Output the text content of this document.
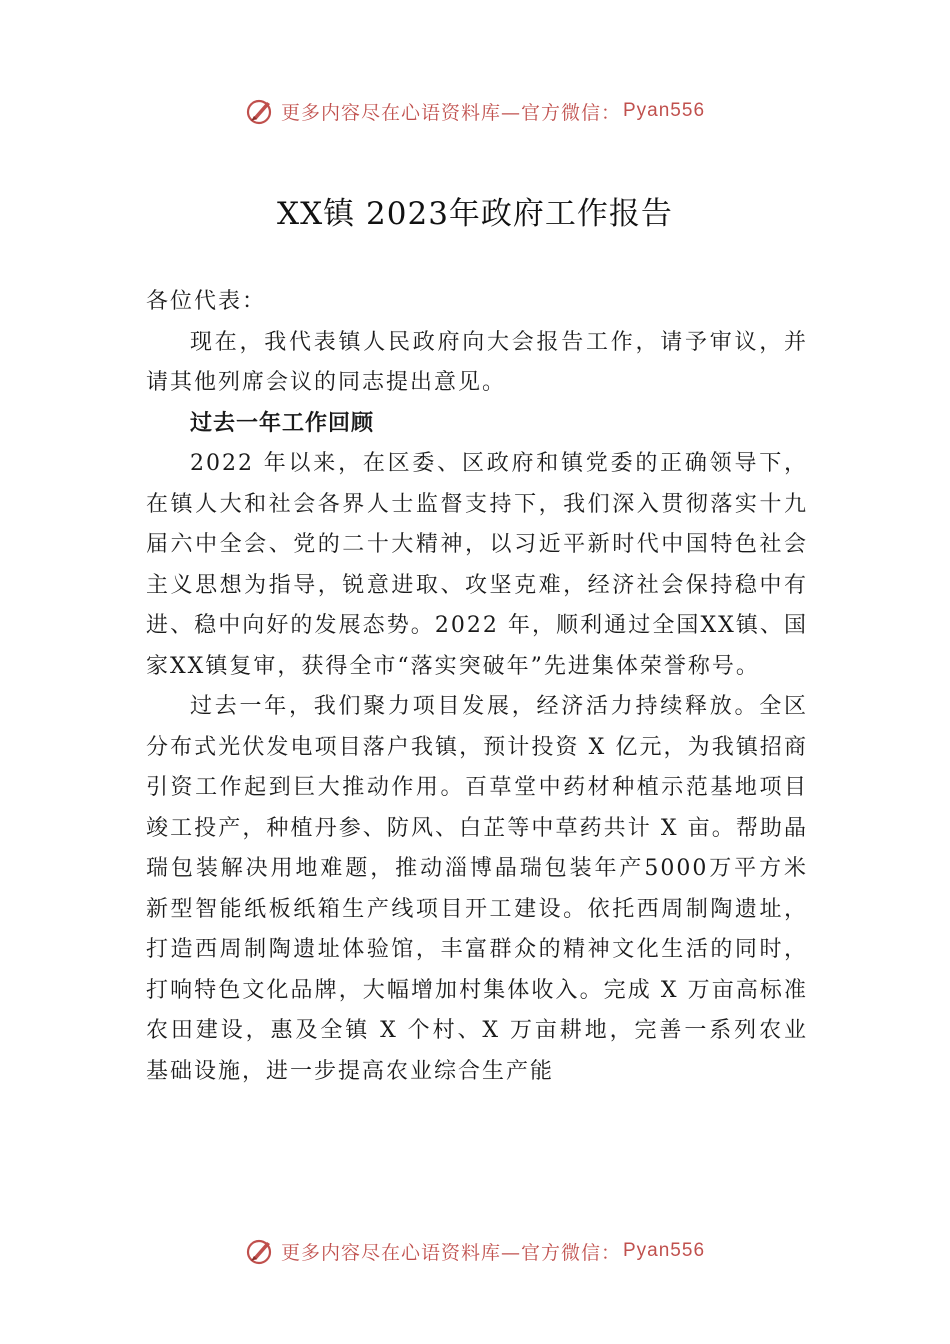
更多内容尽在心语资料库—官方微信： Pyan556
XX镇 2023年政府工作报告

各位代表：

现在，我代表镇人民政府向大会报告工作，请予审议，并请其他列席会议的同志提出意见。

过去一年工作回顾

2022 年以来，在区委、区政府和镇党委的正确领导下，在镇人大和社会各界人士监督支持下，我们深入贯彻落实十九届六中全会、党的二十大精神，以习近平新时代中国特色社会主义思想为指导，锐意进取、攻坚克难，经济社会保持稳中有进、稳中向好的发展态势。2022 年，顺利通过全国XX镇、国家XX镇复审，获得全市“落实突破年”先进集体荣誉称号。

过去一年，我们聚力项目发展，经济活力持续释放。全区分布式光伏发电项目落户我镇，预计投资 X 亿元，为我镇招商引资工作起到巨大推动作用。百草堂中药材种植示范基地项目竣工投产，种植丹参、防风、白芷等中草药共计 X 亩。帮助晶瑞包装解决用地难题，推动淄博晶瑞包装年产5000万平方米新型智能纸板纸箱生产线项目开工建设。依托西周制陶遗址，打造西周制陶遗址体验馆，丰富群众的精神文化生活的同时，打响特色文化品牌，大幅增加村集体收入。完成 X 万亩高标准农田建设，惠及全镇 X 个村、X 万亩耕地，完善一系列农业基础设施，进一步提高农业综合生产能

更多内容尽在心语资料库—官方微信： Pyan556
